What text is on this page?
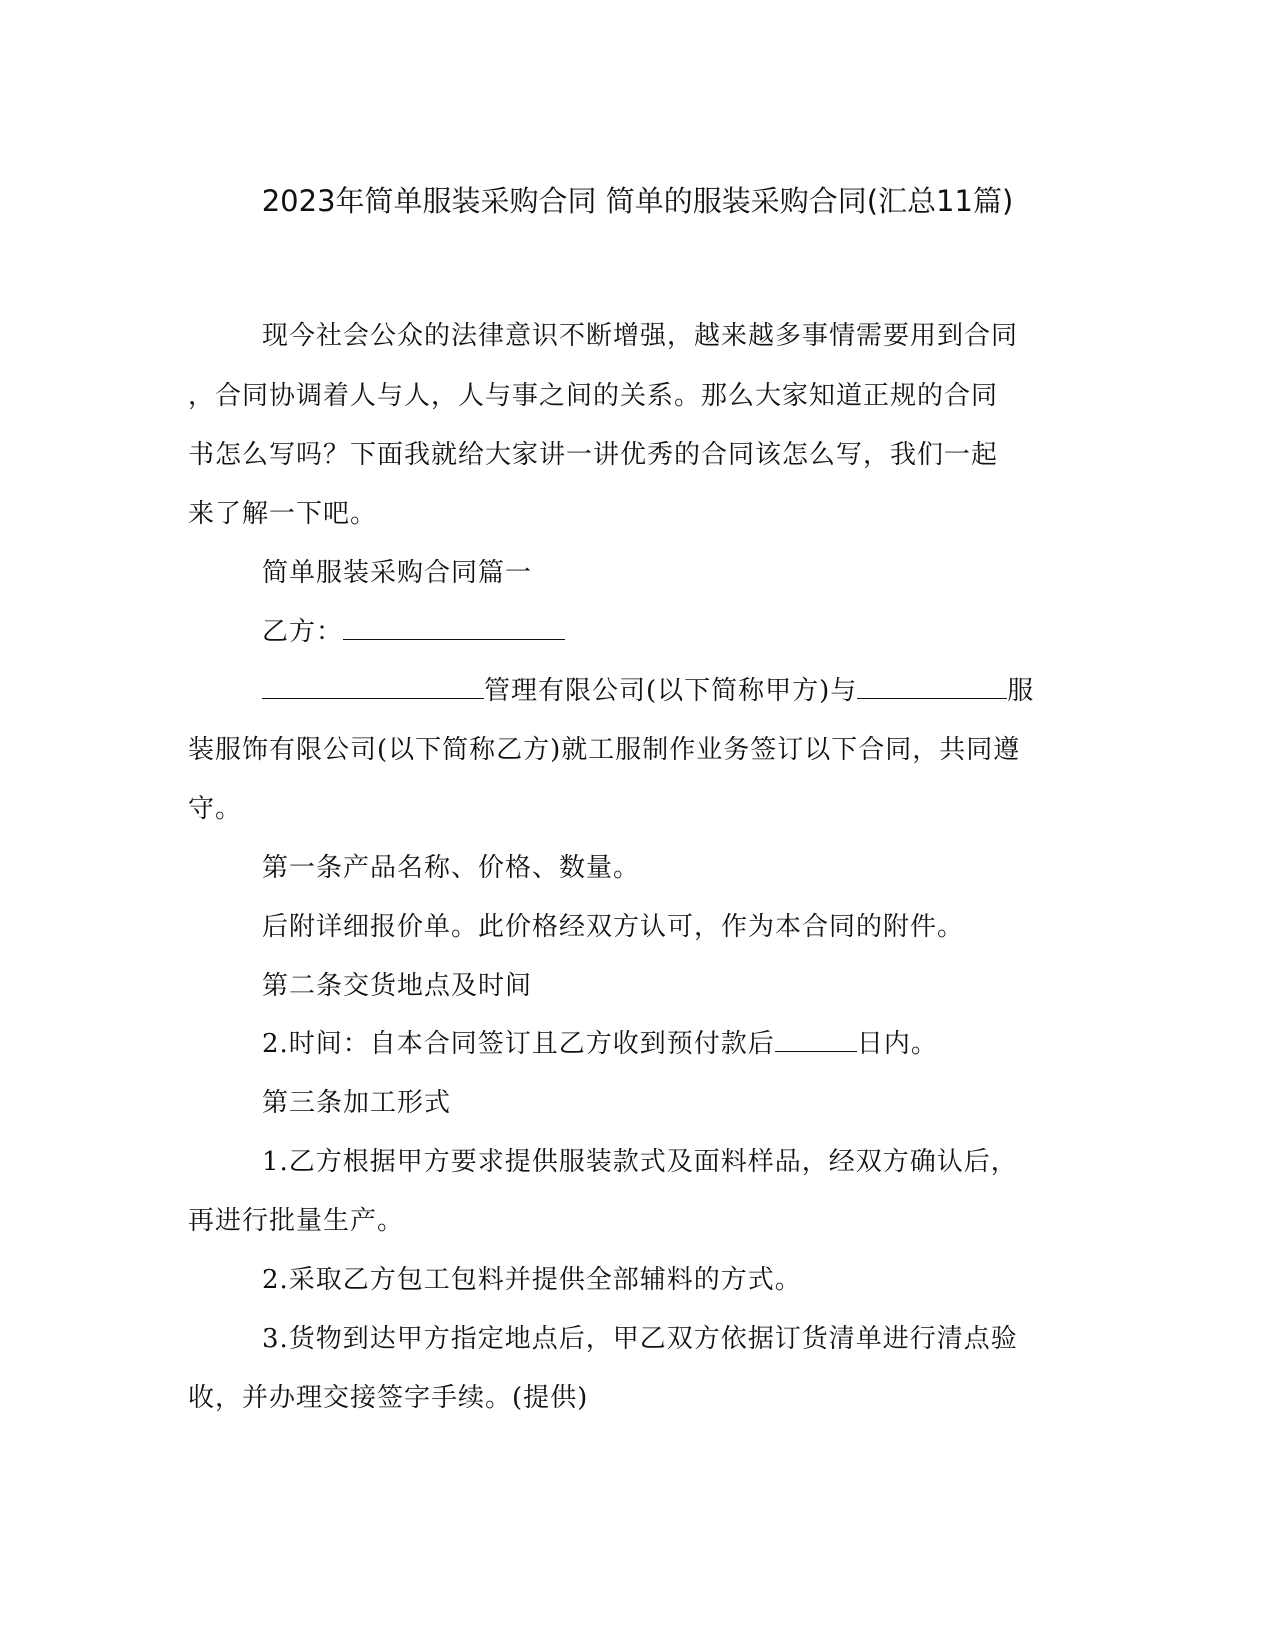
2023年简单服装采购合同 简单的服装采购合同(汇总11篇)

现今社会公众的法律意识不断增强，越来越多事情需要用到合同

，合同协调着人与人，人与事之间的关系。那么大家知道正规的合同

书怎么写吗？下面我就给大家讲一讲优秀的合同该怎么写，我们一起

来了解一下吧。

简单服装采购合同篇一

乙方：

管理有限公司(以下简称甲方)与	服

装服饰有限公司(以下简称乙方)就工服制作业务签订以下合同，共同遵

守。

第一条产品名称、价格、数量。

后附详细报价单。此价格经双方认可，作为本合同的附件。

第二条交货地点及时间

2.时间：自本合同签订且乙方收到预付款后	日内。

第三条加工形式

1.乙方根据甲方要求提供服装款式及面料样品，经双方确认后，

再进行批量生产。

2.采取乙方包工包料并提供全部辅料的方式。

3.货物到达甲方指定地点后，甲乙双方依据订货清单进行清点验

收，并办理交接签字手续。(提供)
